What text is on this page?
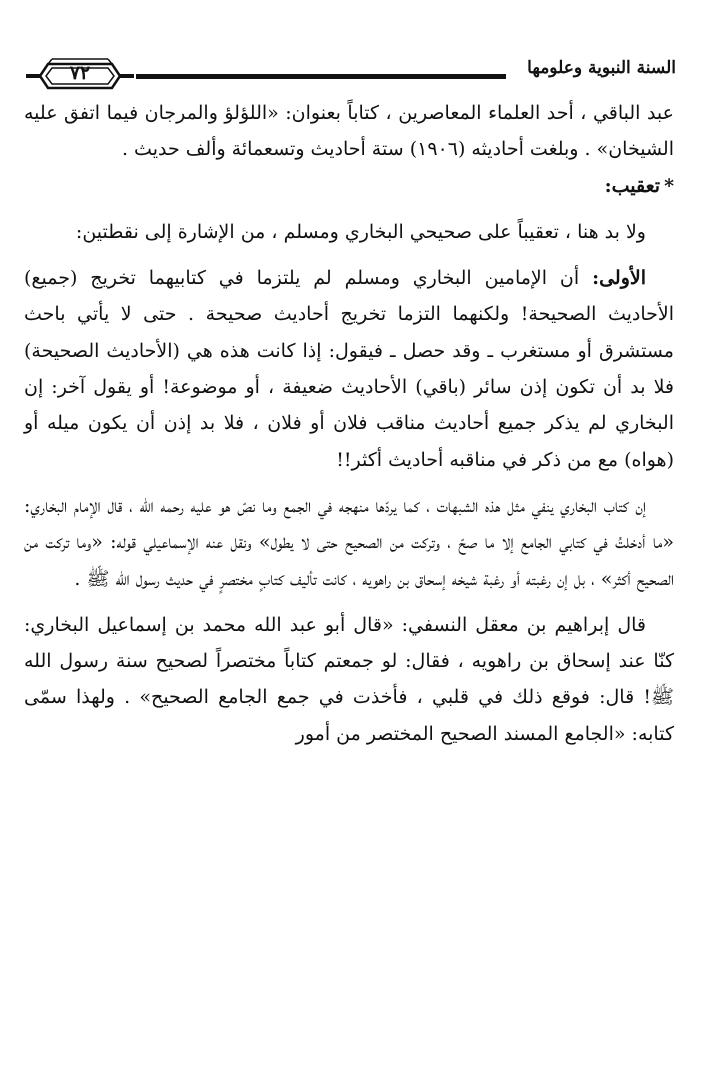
٧٢	السنة النبوية وعلومها

عبد الباقي ، أحد العلماء المعاصرين ، كتاباً بعنوان: «اللؤلؤ والمرجان فيما اتفق عليه الشيخان» . وبلغت أحاديثه (١٩٠٦) ستة أحاديث وتسعمائة وألف حديث .

*تعقيب:

ولا بد هنا ، تعقيباً على صحيحي البخاري ومسلم ، من الإشارة إلى نقطتين:

الأولى: أن الإمامين البخاري ومسلم لم يلتزما في كتابيهما تخريج (جميع) الأحاديث الصحيحة! ولكنهما التزما تخريج أحاديث صحيحة . حتى لا يأتي باحث مستشرق أو مستغرب ـ وقد حصل ـ فيقول: إذا كانت هذه هي (الأحاديث الصحيحة) فلا بد أن تكون إذن سائر (باقي) الأحاديث ضعيفة ، أو موضوعة! أو يقول آخر: إن البخاري لم يذكر جميع أحاديث مناقب فلان أو فلان ، فلا بد إذن أن يكون ميله أو (هواه) مع من ذكر في مناقبه أحاديث أكثر!!

إن كتاب البخاري ينفي مثل هذه الشبهات ، كما يردّها منهجه في الجمع وما نصّ هو عليه رحمه الله ، قال الإمام البخاري: «ما أدخلتُ في كتابي الجامع إلا ما صحّ ، وتركت من الصحيح حتى لا يطول» ونقل عنه الإسماعيلي قوله: «وما تركت من الصحيح أكثر» ، بل إن رغبته أو رغبة شيخه إسحاق بن راهويه ، كانت تأليف كتابٍ مختصرٍ في حديث رسول الله ﷺ .

قال إبراهيم بن معقل النسفي: «قال أبو عبد الله محمد بن إسماعيل البخاري: كنّا عند إسحاق بن راهويه ، فقال: لو جمعتم كتاباً مختصراً لصحيح سنة رسول الله ﷺ! قال: فوقع ذلك في قلبي ، فأخذت في جمع الجامع الصحيح» . ولهذا سمّى كتابه: «الجامع المسند الصحيح المختصر من أمور
